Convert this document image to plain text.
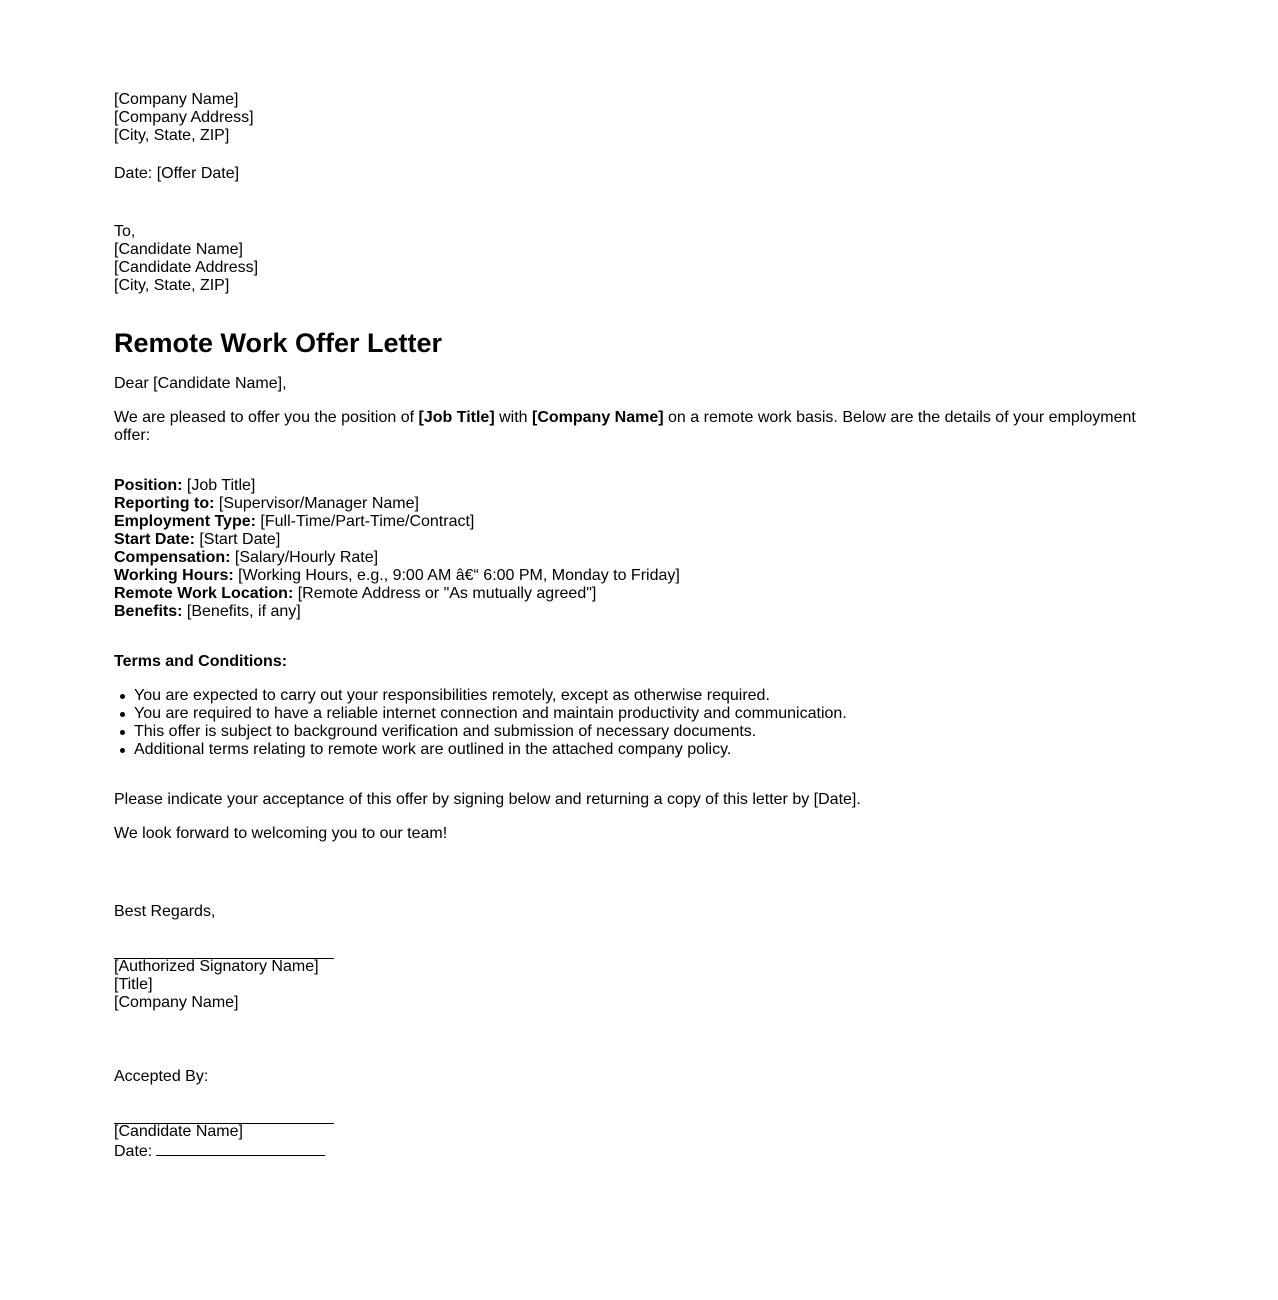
[Company Name]
[Company Address]
[City, State, ZIP]
Date: [Offer Date]
To,
[Candidate Name]
[Candidate Address]
[City, State, ZIP]
Remote Work Offer Letter
Dear [Candidate Name],
We are pleased to offer you the position of [Job Title] with [Company Name] on a remote work basis. Below are the details of your employment offer:
Position: [Job Title]
Reporting to: [Supervisor/Manager Name]
Employment Type: [Full-Time/Part-Time/Contract]
Start Date: [Start Date]
Compensation: [Salary/Hourly Rate]
Working Hours: [Working Hours, e.g., 9:00 AM â€“ 6:00 PM, Monday to Friday]
Remote Work Location: [Remote Address or "As mutually agreed"]
Benefits: [Benefits, if any]
Terms and Conditions:
You are expected to carry out your responsibilities remotely, except as otherwise required.
You are required to have a reliable internet connection and maintain productivity and communication.
This offer is subject to background verification and submission of necessary documents.
Additional terms relating to remote work are outlined in the attached company policy.
Please indicate your acceptance of this offer by signing below and returning a copy of this letter by [Date].
We look forward to welcoming you to our team!
Best Regards,
[Authorized Signatory Name]
[Title]
[Company Name]
Accepted By:
[Candidate Name]
Date:
